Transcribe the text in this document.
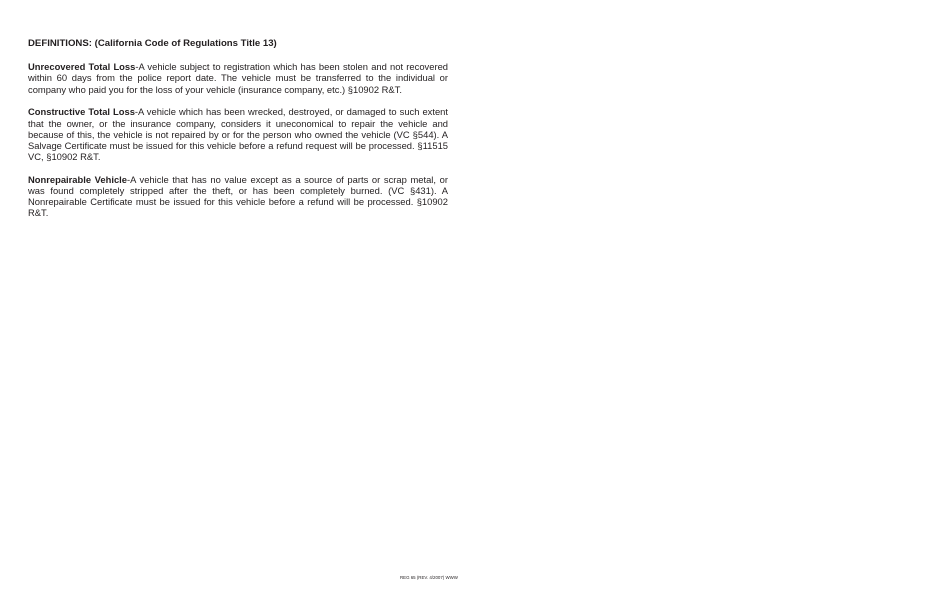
DEFINITIONS: (California Code of Regulations Title 13)

Unrecovered Total Loss-A vehicle subject to registration which has been stolen and not recovered within 60 days from the police report date. The vehicle must be transferred to the individual or company who paid you for the loss of your vehicle (insurance company, etc.) §10902 R&T.

Constructive Total Loss-A vehicle which has been wrecked, destroyed, or damaged to such extent that the owner, or the insurance company, considers it uneconomical to repair the vehicle and because of this, the vehicle is not repaired by or for the person who owned the vehicle (VC §544). A Salvage Certificate must be issued for this vehicle before a refund request will be processed. §11515 VC, §10902 R&T.

Nonrepairable Vehicle-A vehicle that has no value except as a source of parts or scrap metal, or was found completely stripped after the theft, or has been completely burned. (VC §431). A Nonrepairable Certificate must be issued for this vehicle before a refund will be processed. §10902 R&T.

REG 65 (REV. 4/2007) WWW
